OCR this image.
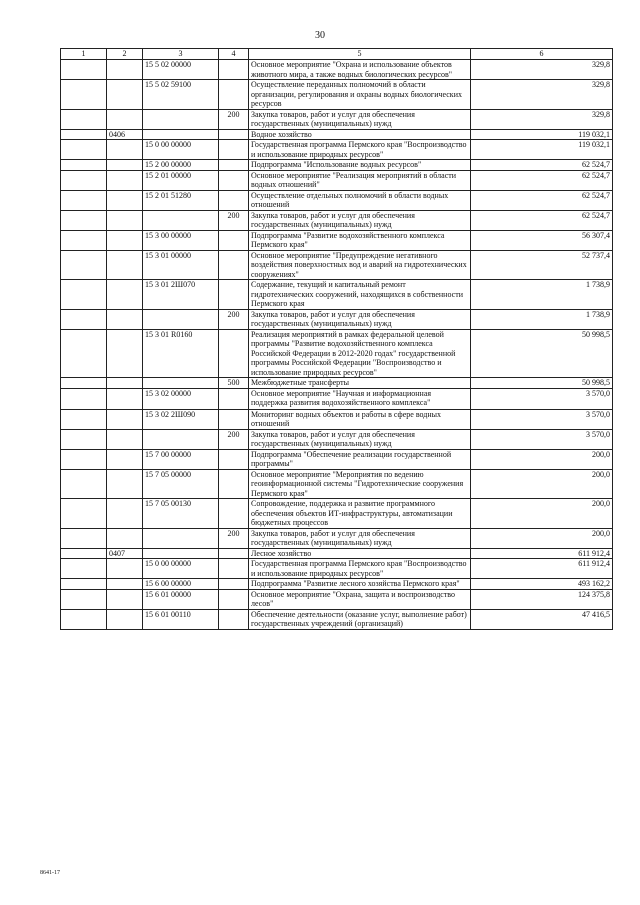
30
1	2	3	4	5	6
		15 5 02 00000		Основное мероприятие "Охрана и использование объектов животного мира, а также водных биологических ресурсов"	329,8
		15 5 02 59100		Осуществление переданных полномочий в области организации, регулирования и охраны водных биологических ресурсов	329,8
			200	Закупка товаров, работ и услуг для обеспечения государственных (муниципальных) нужд	329,8
	0406			Водное хозяйство	119 032,1
		15 0 00 00000		Государственная программа Пермского края "Воспроизводство и использование природных ресурсов"	119 032,1
		15 2 00 00000		Подпрограмма "Использование водных ресурсов"	62 524,7
		15 2 01 00000		Основное мероприятие "Реализация мероприятий в области водных отношений"	62 524,7
		15 2 01 51280		Осуществление отдельных полномочий в области водных отношений	62 524,7
			200	Закупка товаров, работ и услуг для обеспечения государственных (муниципальных) нужд	62 524,7
		15 3 00 00000		Подпрограмма "Развитие водохозяйственного комплекса Пермского края"	56 307,4
		15 3 01 00000		Основное мероприятие "Предупреждение негативного воздействия поверхностных вод и аварий на гидротехнических сооружениях"	52 737,4
		15 3 01 2Ш070		Содержание, текущий и капитальный ремонт гидротехнических сооружений, находящихся в собственности Пермского края	1 738,9
			200	Закупка товаров, работ и услуг для обеспечения государственных (муниципальных) нужд	1 738,9
		15 3 01 R0160		Реализация мероприятий в рамках федеральной целевой программы "Развитие водохозяйственного комплекса Российской Федерации в 2012-2020 годах" государственной программы Российской Федерации "Воспроизводство и использование природных ресурсов"	50 998,5
			500	Межбюджетные трансферты	50 998,5
		15 3 02 00000		Основное мероприятие "Научная и информационная поддержка развития водохозяйственного комплекса"	3 570,0
		15 3 02 2Ш090		Мониторинг водных объектов и работы в сфере водных отношений	3 570,0
			200	Закупка товаров, работ и услуг для обеспечения государственных (муниципальных) нужд	3 570,0
		15 7 00 00000		Подпрограмма "Обеспечение реализации государственной программы"	200,0
		15 7 05 00000		Основное мероприятие "Мероприятия по ведению геоинформационной системы "Гидротехнические сооружения Пермского края"	200,0
		15 7 05 00130		Сопровождение, поддержка и развитие программного обеспечения объектов ИТ-инфраструктуры, автоматизации бюджетных процессов	200,0
			200	Закупка товаров, работ и услуг для обеспечения государственных (муниципальных) нужд	200,0
	0407			Лесное хозяйство	611 912,4
		15 0 00 00000		Государственная программа Пермского края "Воспроизводство и использование природных ресурсов"	611 912,4
		15 6 00 00000		Подпрограмма "Развитие лесного хозяйства Пермского края"	493 162,2
		15 6 01 00000		Основное мероприятие "Охрана, защита и воспроизводство лесов"	124 375,8
		15 6 01 00110		Обеспечение деятельности (оказание услуг, выполнение работ) государственных учреждений (организаций)	47 416,5
8641-17
